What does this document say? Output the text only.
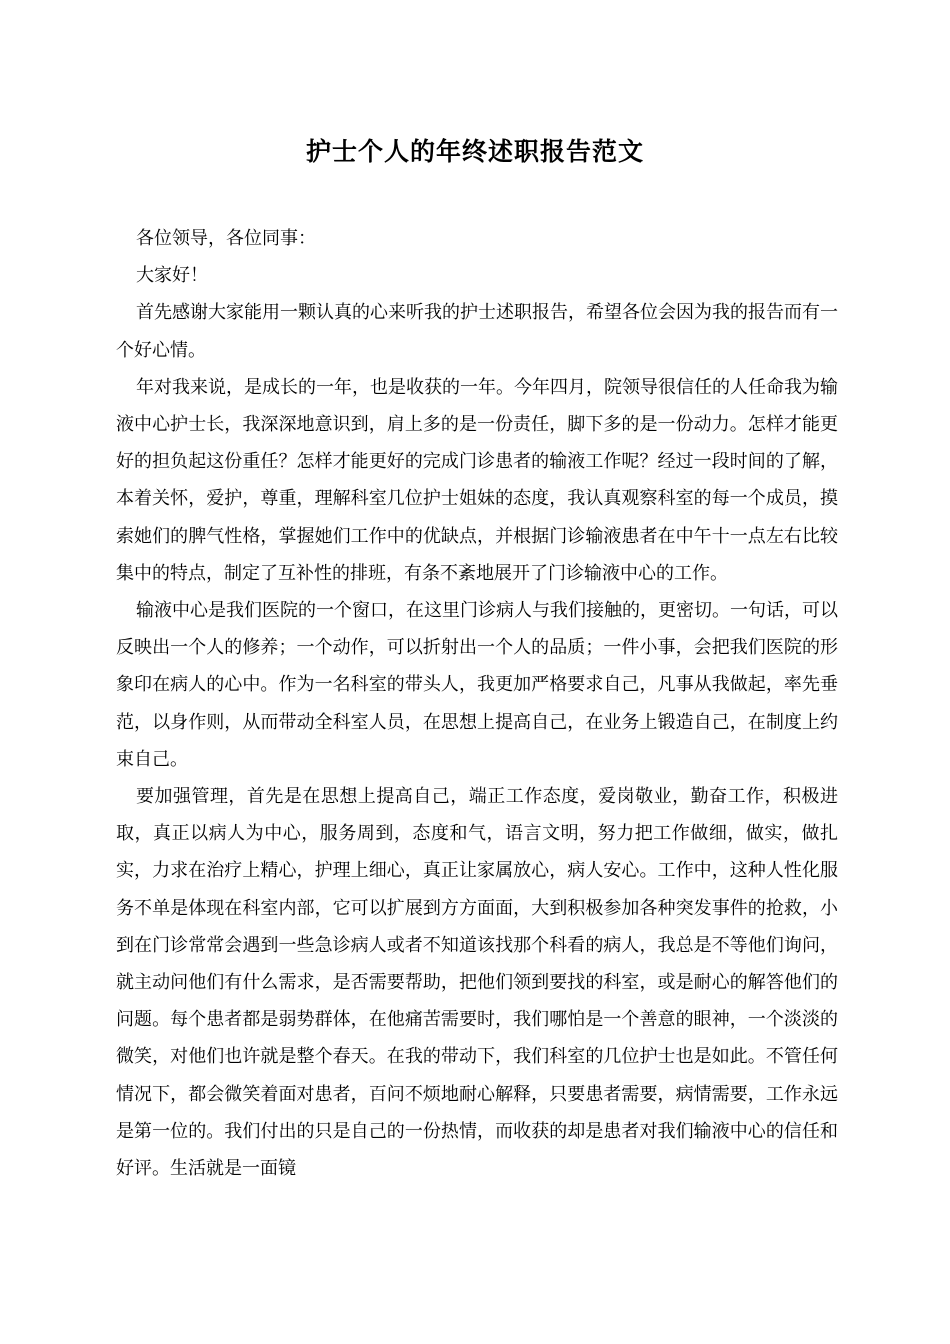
护士个人的年终述职报告范文

各位领导，各位同事：

大家好！

首先感谢大家能用一颗认真的心来听我的护士述职报告，希望各位会因为我的报告而有一个好心情。

年对我来说，是成长的一年，也是收获的一年。今年四月，院领导很信任的人任命我为输液中心护士长，我深深地意识到，肩上多的是一份责任，脚下多的是一份动力。怎样才能更好的担负起这份重任？怎样才能更好的完成门诊患者的输液工作呢？经过一段时间的了解，本着关怀，爱护，尊重，理解科室几位护士姐妹的态度，我认真观察科室的每一个成员，摸索她们的脾气性格，掌握她们工作中的优缺点，并根据门诊输液患者在中午十一点左右比较集中的特点，制定了互补性的排班，有条不紊地展开了门诊输液中心的工作。

输液中心是我们医院的一个窗口，在这里门诊病人与我们接触的，更密切。一句话，可以反映出一个人的修养；一个动作，可以折射出一个人的品质；一件小事，会把我们医院的形象印在病人的心中。作为一名科室的带头人，我更加严格要求自己，凡事从我做起，率先垂范，以身作则，从而带动全科室人员，在思想上提高自己，在业务上锻造自己，在制度上约束自己。

要加强管理，首先是在思想上提高自己，端正工作态度，爱岗敬业，勤奋工作，积极进取，真正以病人为中心，服务周到，态度和气，语言文明，努力把工作做细，做实，做扎实，力求在治疗上精心，护理上细心，真正让家属放心，病人安心。工作中，这种人性化服务不单是体现在科室内部，它可以扩展到方方面面，大到积极参加各种突发事件的抢救，小到在门诊常常会遇到一些急诊病人或者不知道该找那个科看的病人，我总是不等他们询问，就主动问他们有什么需求，是否需要帮助，把他们领到要找的科室，或是耐心的解答他们的问题。每个患者都是弱势群体，在他痛苦需要时，我们哪怕是一个善意的眼神，一个淡淡的微笑，对他们也许就是整个春天。在我的带动下，我们科室的几位护士也是如此。不管任何情况下，都会微笑着面对患者，百问不烦地耐心解释，只要患者需要，病情需要，工作永远是第一位的。我们付出的只是自己的一份热情，而收获的却是患者对我们输液中心的信任和好评。生活就是一面镜
